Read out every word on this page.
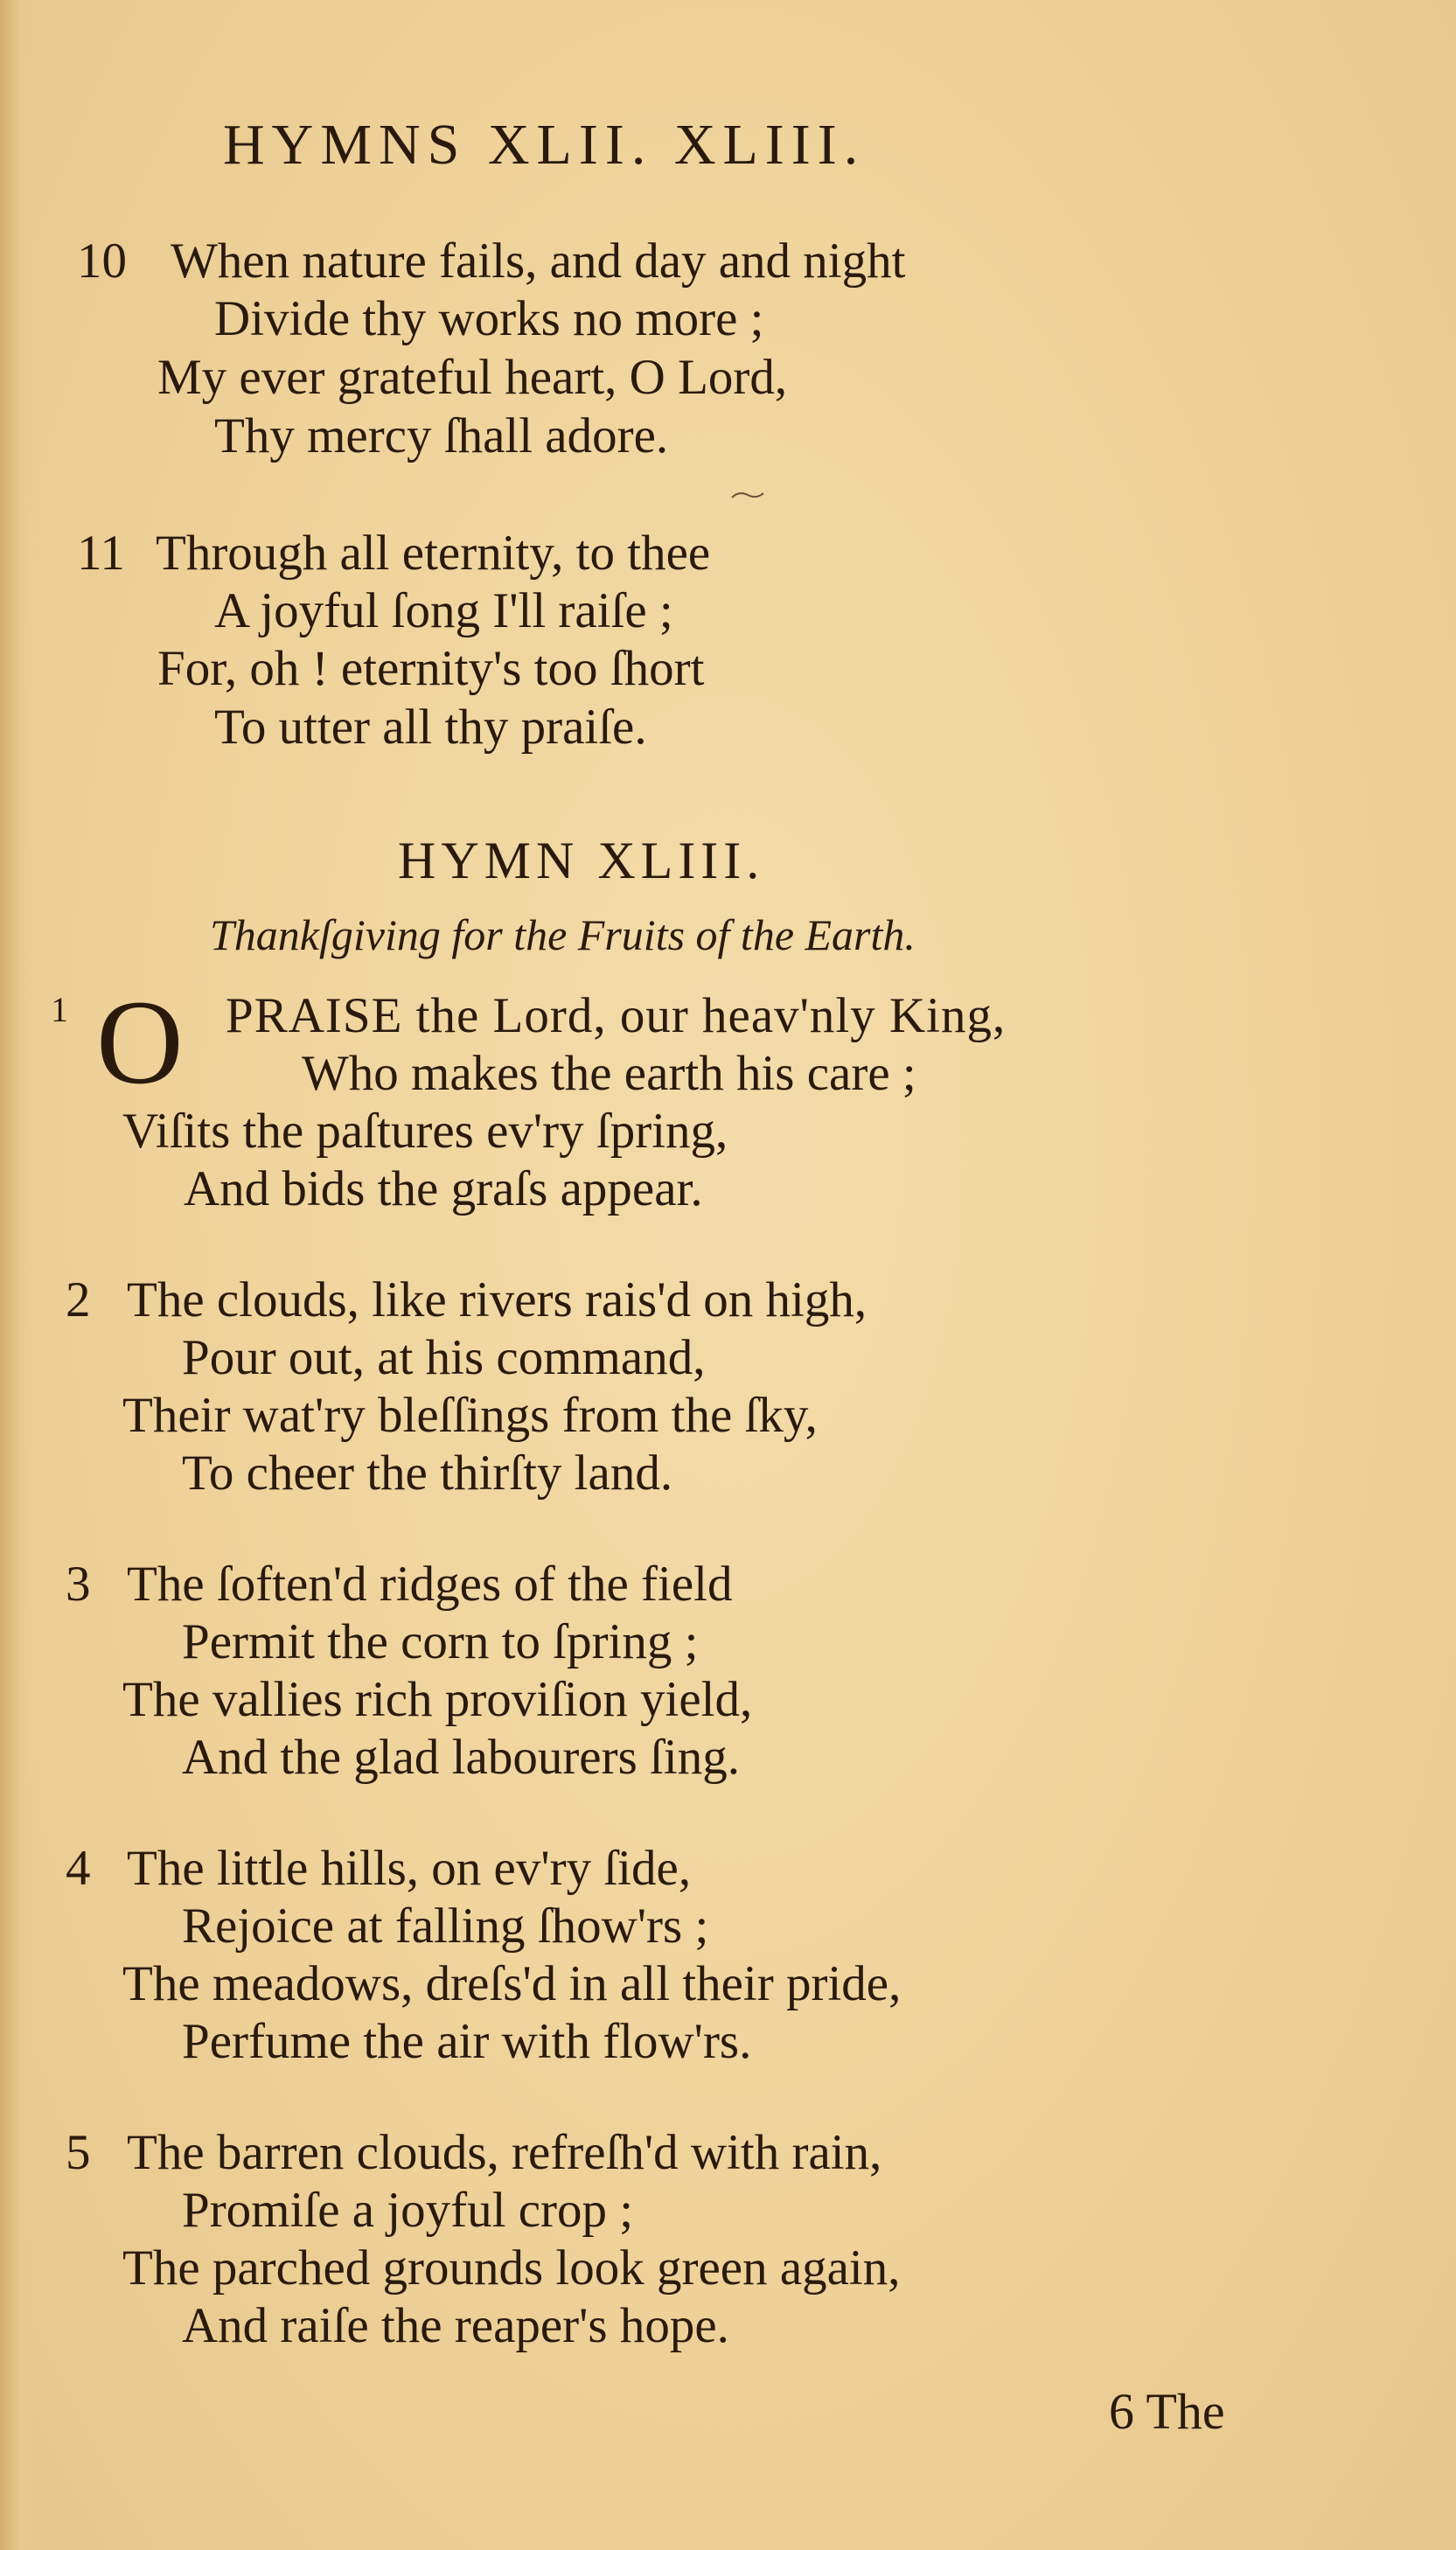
HYMNS XLII. XLIII.
10 When nature fails, and day and night
Divide thy works no more ;
My ever grateful heart, O Lord,
Thy mercy ſhall adore.
11 Through all eternity, to thee
A joyful ſong I'll raiſe ;
For, oh ! eternity's too ſhort
To utter all thy praiſe.
HYMN XLIII.
Thankſgiving for the Fruits of the Earth.
1 O PRAISE the Lord, our heav'nly King,
Who makes the earth his care ;
Viſits the paſtures ev'ry ſpring,
And bids the graſs appear.
2 The clouds, like rivers rais'd on high,
Pour out, at his command,
Their wat'ry bleſſings from the ſky,
To cheer the thirſty land.
3 The ſoften'd ridges of the field
Permit the corn to ſpring ;
The vallies rich proviſion yield,
And the glad labourers ſing.
4 The little hills, on ev'ry ſide,
Rejoice at falling ſhow'rs ;
The meadows, dreſs'd in all their pride,
Perfume the air with flow'rs.
5 The barren clouds, refreſh'd with rain,
Promiſe a joyful crop ;
The parched grounds look green again,
And raiſe the reaper's hope.
6 The
